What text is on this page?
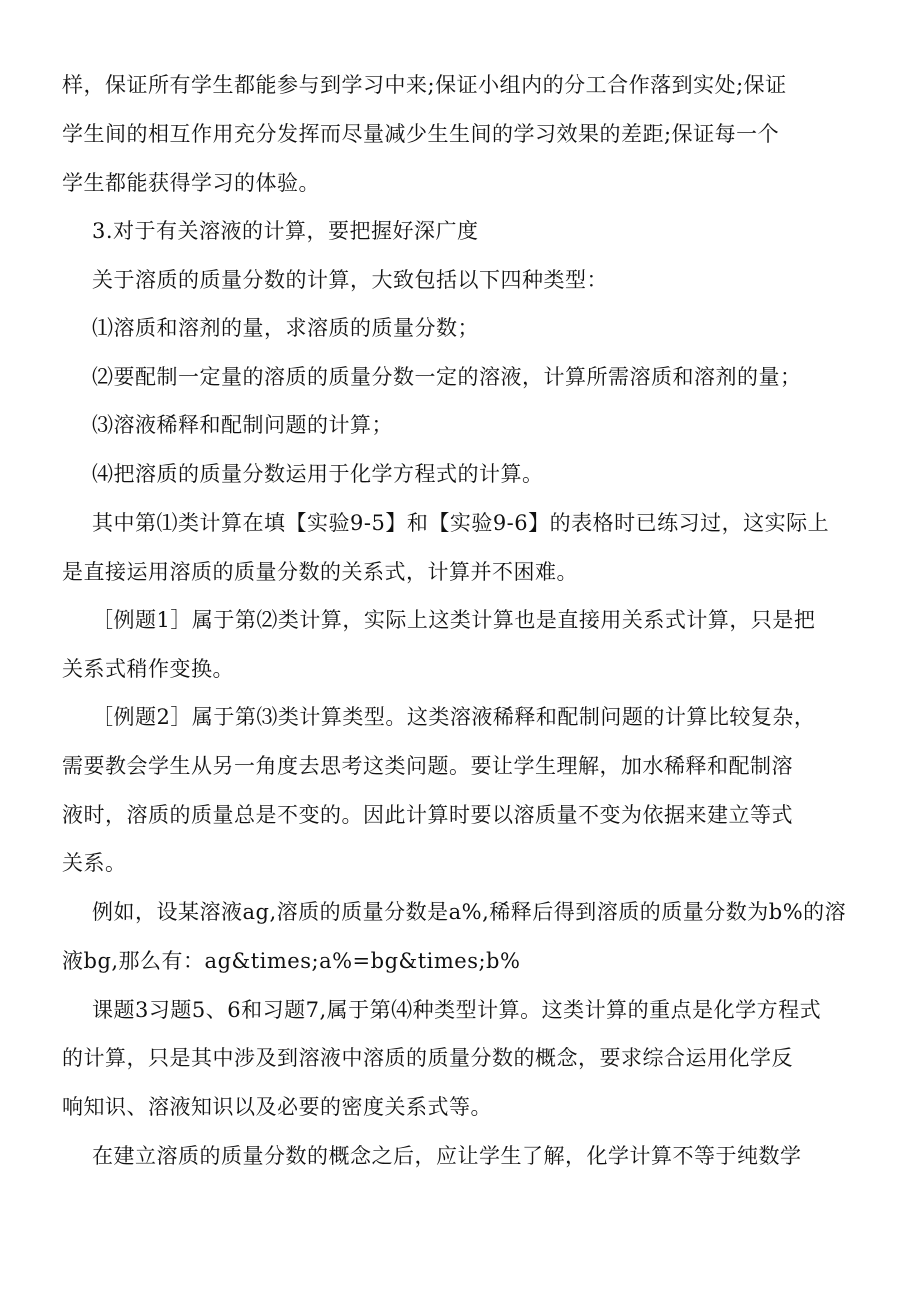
样，保证所有学生都能参与到学习中来;保证小组内的分工合作落到实处;保证
学生间的相互作用充分发挥而尽量减少生生间的学习效果的差距;保证每一个
学生都能获得学习的体验。
3.对于有关溶液的计算，要把握好深广度
关于溶质的质量分数的计算，大致包括以下四种类型：
⑴溶质和溶剂的量，求溶质的质量分数；
⑵要配制一定量的溶质的质量分数一定的溶液，计算所需溶质和溶剂的量；
⑶溶液稀释和配制问题的计算；
⑷把溶质的质量分数运用于化学方程式的计算。
其中第⑴类计算在填【实验9-5】和【实验9-6】的表格时已练习过，这实际上
是直接运用溶质的质量分数的关系式，计算并不困难。
［例题1］属于第⑵类计算，实际上这类计算也是直接用关系式计算，只是把
关系式稍作变换。
［例题2］属于第⑶类计算类型。这类溶液稀释和配制问题的计算比较复杂，
需要教会学生从另一角度去思考这类问题。要让学生理解，加水稀释和配制溶
液时，溶质的质量总是不变的。因此计算时要以溶质量不变为依据来建立等式
关系。
例如，设某溶液ag,溶质的质量分数是a%,稀释后得到溶质的质量分数为b%的溶
液bg,那么有：ag&times;a%=bg&times;b%
课题3习题5、6和习题7,属于第⑷种类型计算。这类计算的重点是化学方程式
的计算，只是其中涉及到溶液中溶质的质量分数的概念，要求综合运用化学反
响知识、溶液知识以及必要的密度关系式等。
在建立溶质的质量分数的概念之后，应让学生了解，化学计算不等于纯数学
